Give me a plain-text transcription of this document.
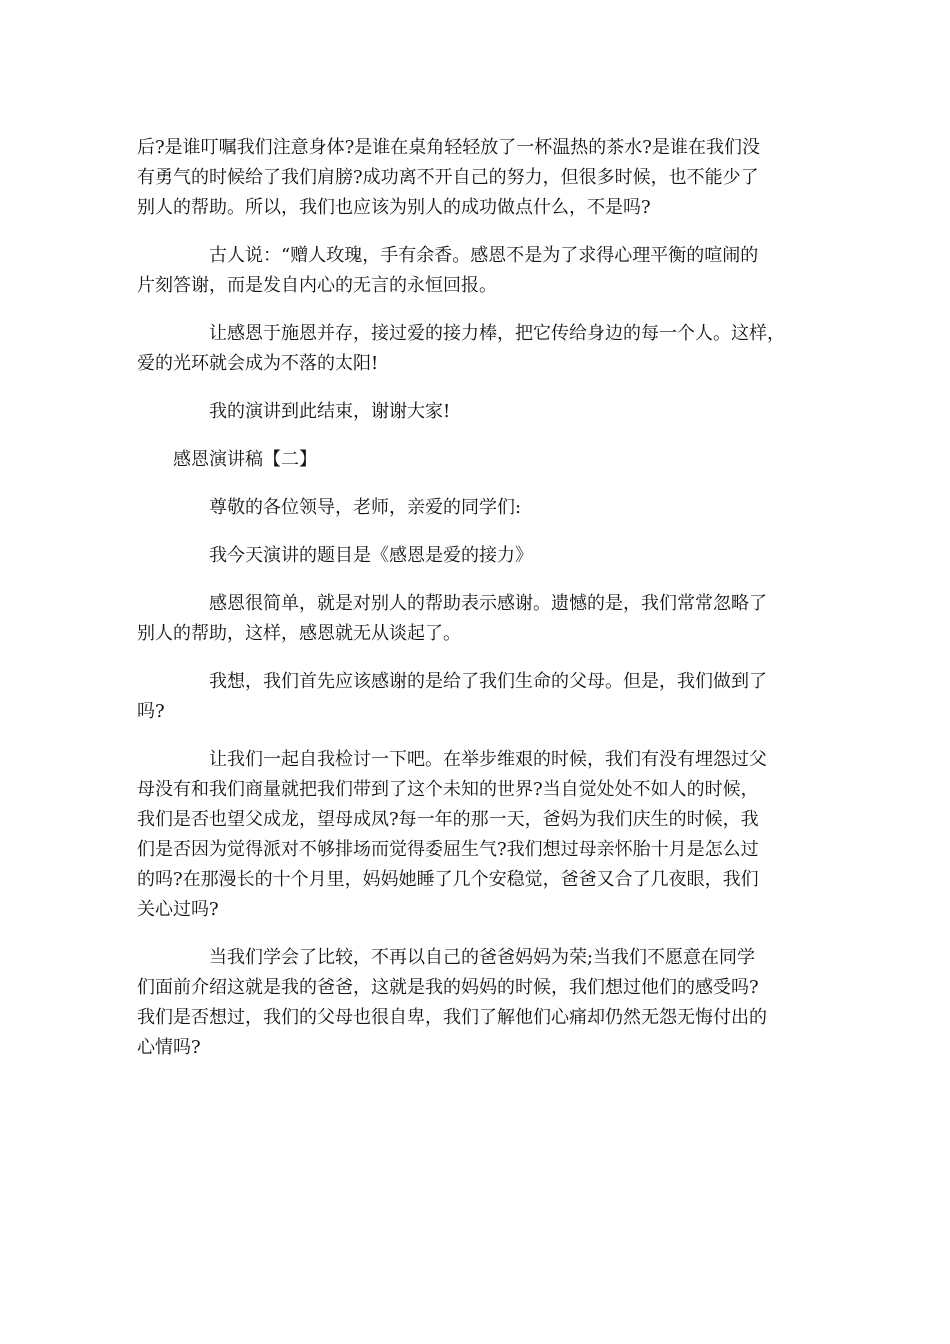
后?是谁叮嘱我们注意身体?是谁在桌角轻轻放了一杯温热的茶水?是谁在我们没
有勇气的时候给了我们肩膀?成功离不开自己的努力，但很多时候，也不能少了
别人的帮助。所以，我们也应该为别人的成功做点什么，不是吗?
古人说：“赠人玫瑰，手有余香。感恩不是为了求得心理平衡的喧闹的
片刻答谢，而是发自内心的无言的永恒回报。
让感恩于施恩并存，接过爱的接力棒，把它传给身边的每一个人。这样，
爱的光环就会成为不落的太阳!
我的演讲到此结束，谢谢大家!
感恩演讲稿【二】
尊敬的各位领导，老师，亲爱的同学们:
我今天演讲的题目是《感恩是爱的接力》
感恩很简单，就是对别人的帮助表示感谢。遗憾的是，我们常常忽略了
别人的帮助，这样，感恩就无从谈起了。
我想，我们首先应该感谢的是给了我们生命的父母。但是，我们做到了
吗?
让我们一起自我检讨一下吧。在举步维艰的时候，我们有没有埋怨过父
母没有和我们商量就把我们带到了这个未知的世界?当自觉处处不如人的时候，
我们是否也望父成龙，望母成凤?每一年的那一天，爸妈为我们庆生的时候，我
们是否因为觉得派对不够排场而觉得委屈生气?我们想过母亲怀胎十月是怎么过
的吗?在那漫长的十个月里，妈妈她睡了几个安稳觉，爸爸又合了几夜眼，我们
关心过吗?
当我们学会了比较，不再以自己的爸爸妈妈为荣;当我们不愿意在同学
们面前介绍这就是我的爸爸，这就是我的妈妈的时候，我们想过他们的感受吗?
我们是否想过，我们的父母也很自卑，我们了解他们心痛却仍然无怨无悔付出的
心情吗?
